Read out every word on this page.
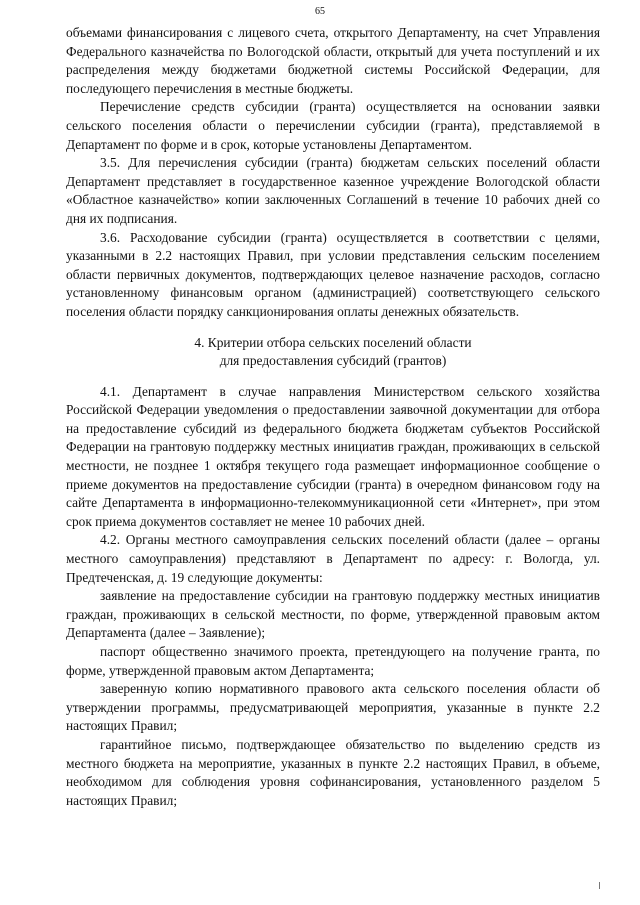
65

объемами финансирования с лицевого счета, открытого Департаменту, на счет Управления Федерального казначейства по Вологодской области, открытый для учета поступлений и их распределения между бюджетами бюджетной системы Российской Федерации, для последующего перечисления в местные бюджеты.

Перечисление средств субсидии (гранта) осуществляется на основании заявки сельского поселения области о перечислении субсидии (гранта), представляемой в Департамент по форме и в срок, которые установлены Департаментом.

3.5. Для перечисления субсидии (гранта) бюджетам сельских поселений области Департамент представляет в государственное казенное учреждение Вологодской области «Областное казначейство» копии заключенных Соглашений в течение 10 рабочих дней со дня их подписания.

3.6. Расходование субсидии (гранта) осуществляется в соответствии с целями, указанными в 2.2 настоящих Правил, при условии представления сельским поселением области первичных документов, подтверждающих целевое назначение расходов, согласно установленному финансовым органом (администрацией) соответствующего сельского поселения области порядку санкционирования оплаты денежных обязательств.

4. Критерии отбора сельских поселений области
для предоставления субсидий (грантов)

4.1. Департамент в случае направления Министерством сельского хозяйства Российской Федерации уведомления о предоставлении заявочной документации для отбора на предоставление субсидий из федерального бюджета бюджетам субъектов Российской Федерации на грантовую поддержку местных инициатив граждан, проживающих в сельской местности, не позднее 1 октября текущего года размещает информационное сообщение о приеме документов на предоставление субсидии (гранта) в очередном финансовом году на сайте Департамента в информационно-телекоммуникационной сети «Интернет», при этом срок приема документов составляет не менее 10 рабочих дней.

4.2. Органы местного самоуправления сельских поселений области (далее – органы местного самоуправления) представляют в Департамент по адресу: г. Вологда, ул. Предтеченская, д. 19 следующие документы:

заявление на предоставление субсидии на грантовую поддержку местных инициатив граждан, проживающих в сельской местности, по форме, утвержденной правовым актом Департамента (далее – Заявление);

паспорт общественно значимого проекта, претендующего на получение гранта, по форме, утвержденной правовым актом Департамента;

заверенную копию нормативного правового акта сельского поселения области об утверждении программы, предусматривающей мероприятия, указанные в пункте 2.2 настоящих Правил;

гарантийное письмо, подтверждающее обязательство по выделению средств из местного бюджета на мероприятие, указанных в пункте 2.2 настоящих Правил, в объеме, необходимом для соблюдения уровня софинансирования, установленного разделом 5 настоящих Правил;
